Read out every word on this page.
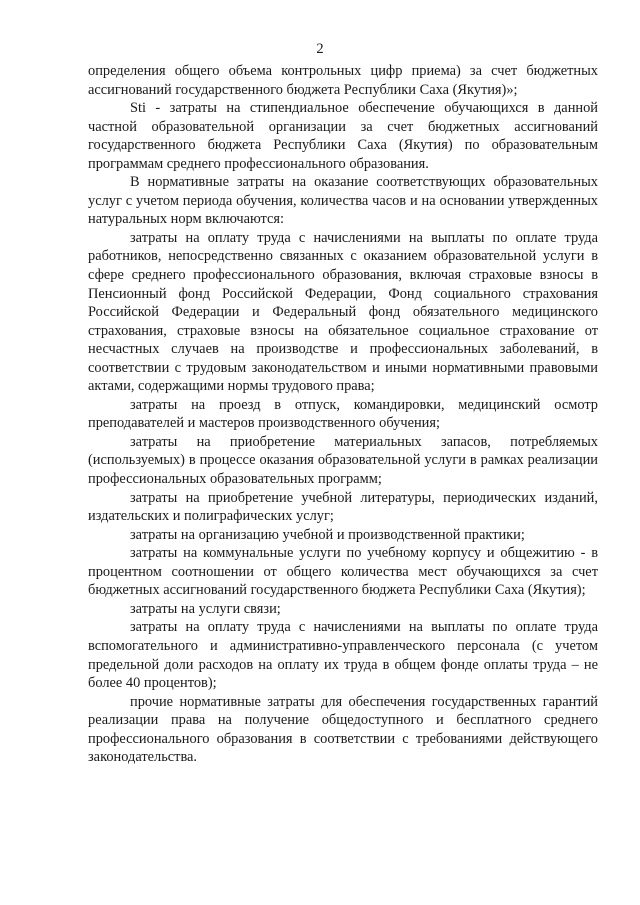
2

определения общего объема контрольных цифр приема) за счет бюджетных ассигнований государственного бюджета Республики Саха (Якутия)»;

Sti - затраты на стипендиальное обеспечение обучающихся в данной частной образовательной организации за счет бюджетных ассигнований государственного бюджета Республики Саха (Якутия) по образовательным программам среднего профессионального образования.

В нормативные затраты на оказание соответствующих образовательных услуг с учетом периода обучения, количества часов и на основании утвержденных натуральных норм включаются:

затраты на оплату труда с начислениями на выплаты по оплате труда работников, непосредственно связанных с оказанием образовательной услуги в сфере среднего профессионального образования, включая страховые взносы в Пенсионный фонд Российской Федерации, Фонд социального страхования Российской Федерации и Федеральный фонд обязательного медицинского страхования, страховые взносы на обязательное социальное страхование от несчастных случаев на производстве и профессиональных заболеваний, в соответствии с трудовым законодательством и иными нормативными правовыми актами, содержащими нормы трудового права;

затраты на проезд в отпуск, командировки, медицинский осмотр преподавателей и мастеров производственного обучения;

затраты на приобретение материальных запасов, потребляемых (используемых) в процессе оказания образовательной услуги в рамках реализации профессиональных образовательных программ;

затраты на приобретение учебной литературы, периодических изданий, издательских и полиграфических услуг;

затраты на организацию учебной и производственной практики;

затраты на коммунальные услуги по учебному корпусу и общежитию - в процентном соотношении от общего количества мест обучающихся за счет бюджетных ассигнований государственного бюджета Республики Саха (Якутия);

затраты на услуги связи;

затраты на оплату труда с начислениями на выплаты по оплате труда вспомогательного и административно-управленческого персонала (с учетом предельной доли расходов на оплату их труда в общем фонде оплаты труда – не более 40 процентов);

прочие нормативные затраты для обеспечения государственных гарантий реализации права на получение общедоступного и бесплатного среднего профессионального образования в соответствии с требованиями действующего законодательства.
